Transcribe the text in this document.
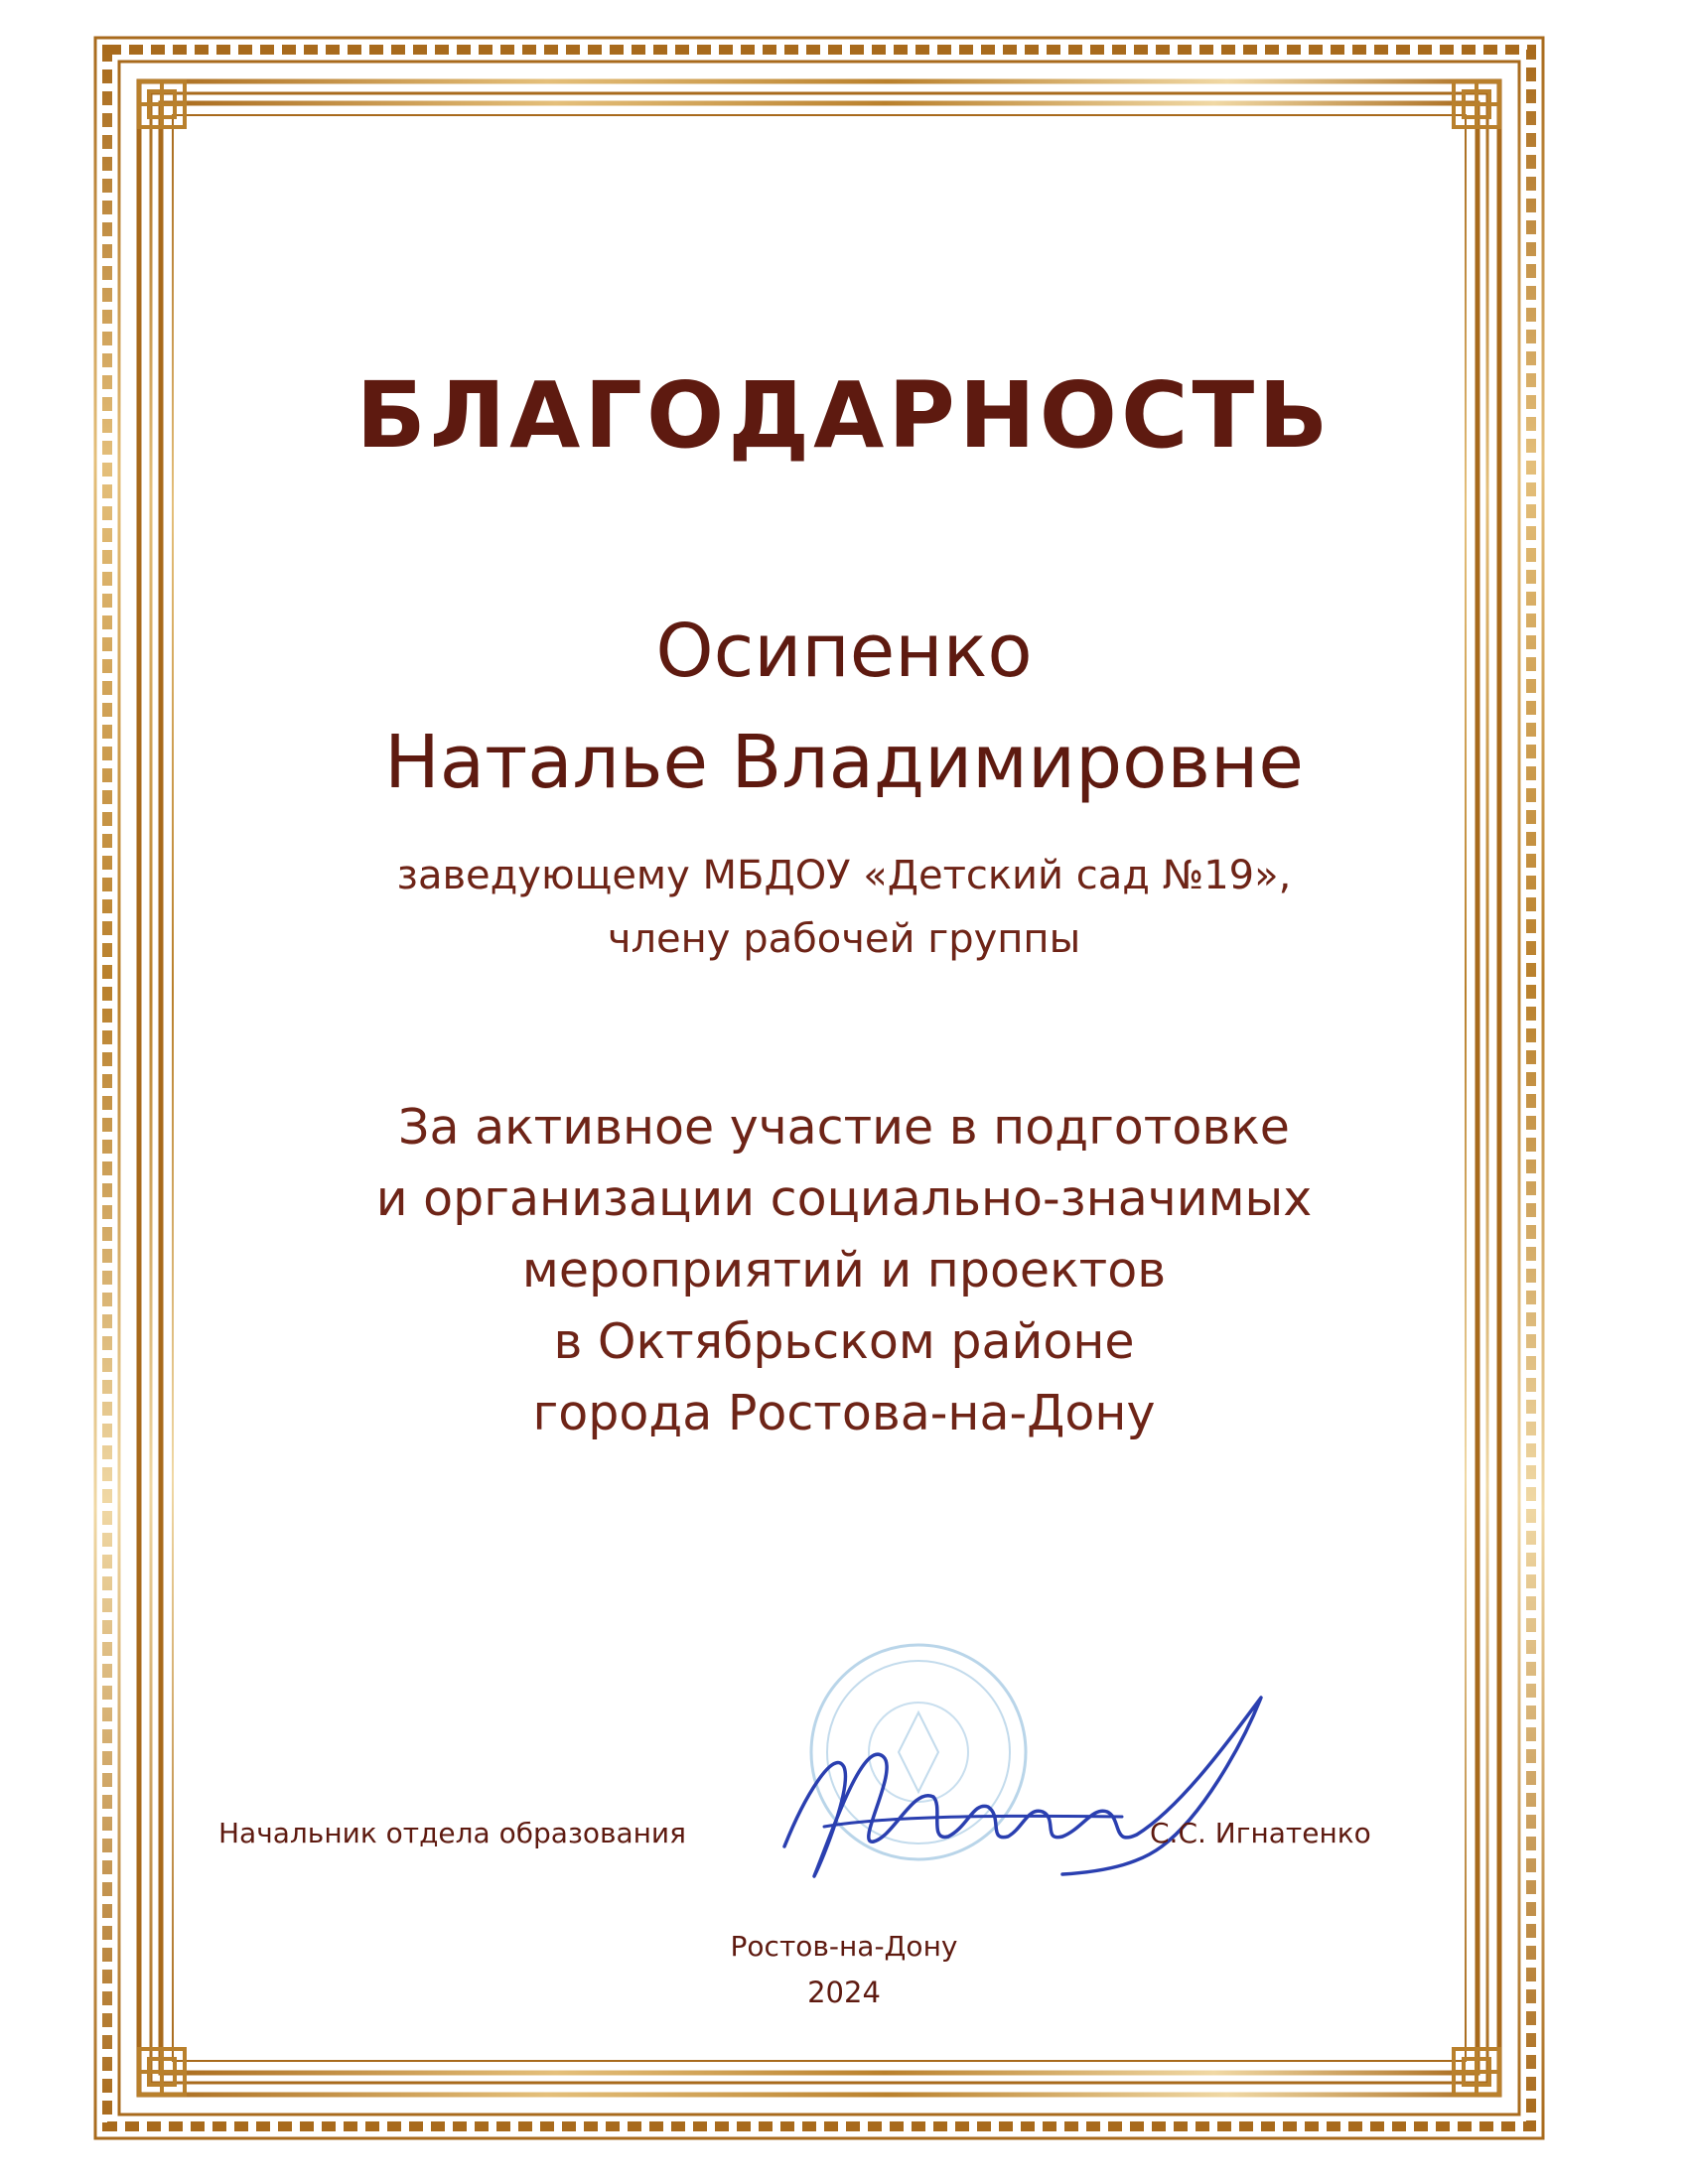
БЛАГОДАРНОСТЬ
Осипенко
Наталье Владимировне
заведующему МБДОУ «Детский сад №19»,
члену рабочей группы
За активное участие в подготовке
и организации социально-значимых
мероприятий и проектов
в Октябрьском районе
города Ростова-на-Дону
Начальник отдела образования	С.С. Игнатенко
Ростов-на-Дону
2024
